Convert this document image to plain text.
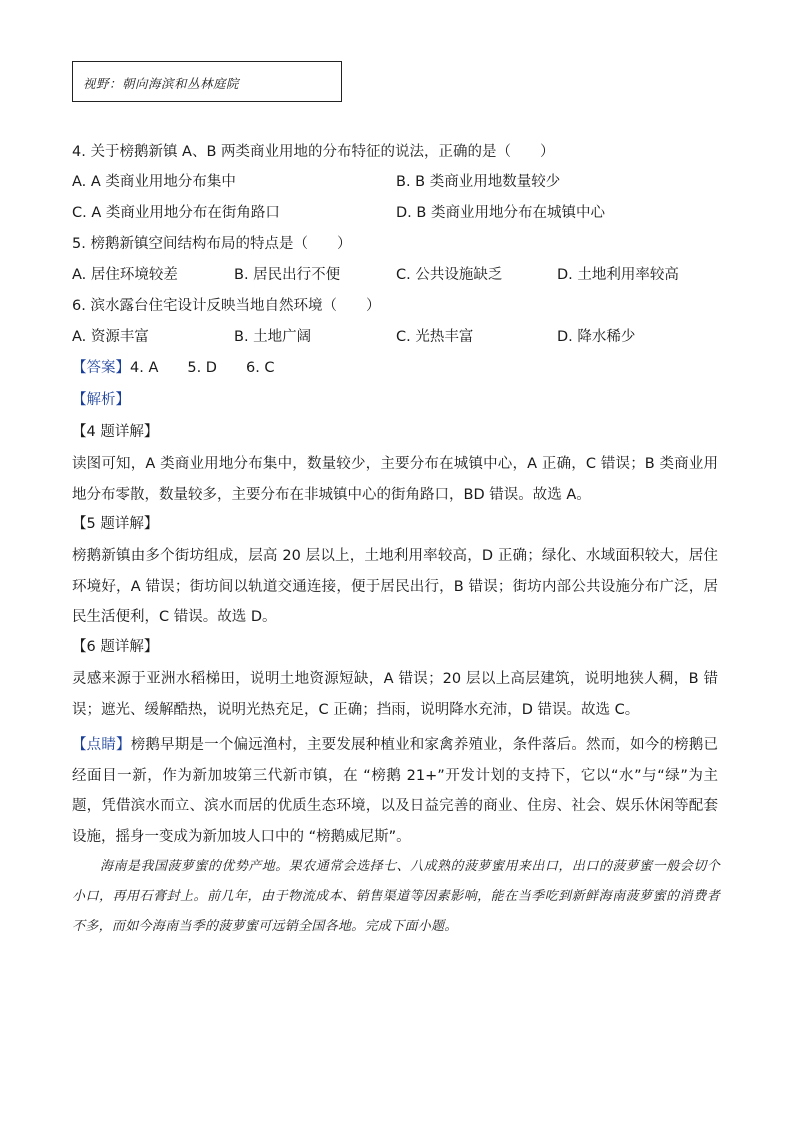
视野：朝向海滨和丛林庭院
4. 关于榜鹅新镇 A、B 两类商业用地的分布特征的说法，正确的是（　　）
A. A 类商业用地分布集中	B. B 类商业用地数量较少
C. A 类商业用地分布在街角路口	D. B 类商业用地分布在城镇中心
5. 榜鹅新镇空间结构布局的特点是（　　）
A. 居住环境较差	B. 居民出行不便	C. 公共设施缺乏	D. 土地利用率较高
6. 滨水露台住宅设计反映当地自然环境（　　）
A. 资源丰富	B. 土地广阔	C. 光热丰富	D. 降水稀少
【答案】4. A　　5. D　　6. C
【解析】
【4 题详解】
读图可知，A 类商业用地分布集中，数量较少，主要分布在城镇中心，A 正确，C 错误；B 类商业用地分布零散，数量较多，主要分布在非城镇中心的街角路口，BD 错误。故选 A。
【5 题详解】
榜鹅新镇由多个街坊组成，层高 20 层以上，土地利用率较高，D 正确；绿化、水域面积较大，居住环境好，A 错误；街坊间以轨道交通连接，便于居民出行，B 错误；街坊内部公共设施分布广泛，居民生活便利，C 错误。故选 D。
【6 题详解】
灵感来源于亚洲水稻梯田，说明土地资源短缺，A 错误；20 层以上高层建筑，说明地狭人稠，B 错误；遮光、缓解酷热，说明光热充足，C 正确；挡雨，说明降水充沛，D 错误。故选 C。
【点睛】榜鹅早期是一个偏远渔村，主要发展种植业和家禽养殖业，条件落后。然而，如今的榜鹅已经面目一新，作为新加坡第三代新市镇，在 “榜鹅 21+”开发计划的支持下，它以“水”与“绿”为主题，凭借滨水而立、滨水而居的优质生态环境，以及日益完善的商业、住房、社会、娱乐休闲等配套设施，摇身一变成为新加坡人口中的 “榜鹅威尼斯”。
海南是我国菠萝蜜的优势产地。果农通常会选择七、八成熟的菠萝蜜用来出口，出口的菠萝蜜一般会切个小口，再用石膏封上。前几年，由于物流成本、销售渠道等因素影响，能在当季吃到新鲜海南菠萝蜜的消费者不多，而如今海南当季的菠萝蜜可远销全国各地。完成下面小题。
